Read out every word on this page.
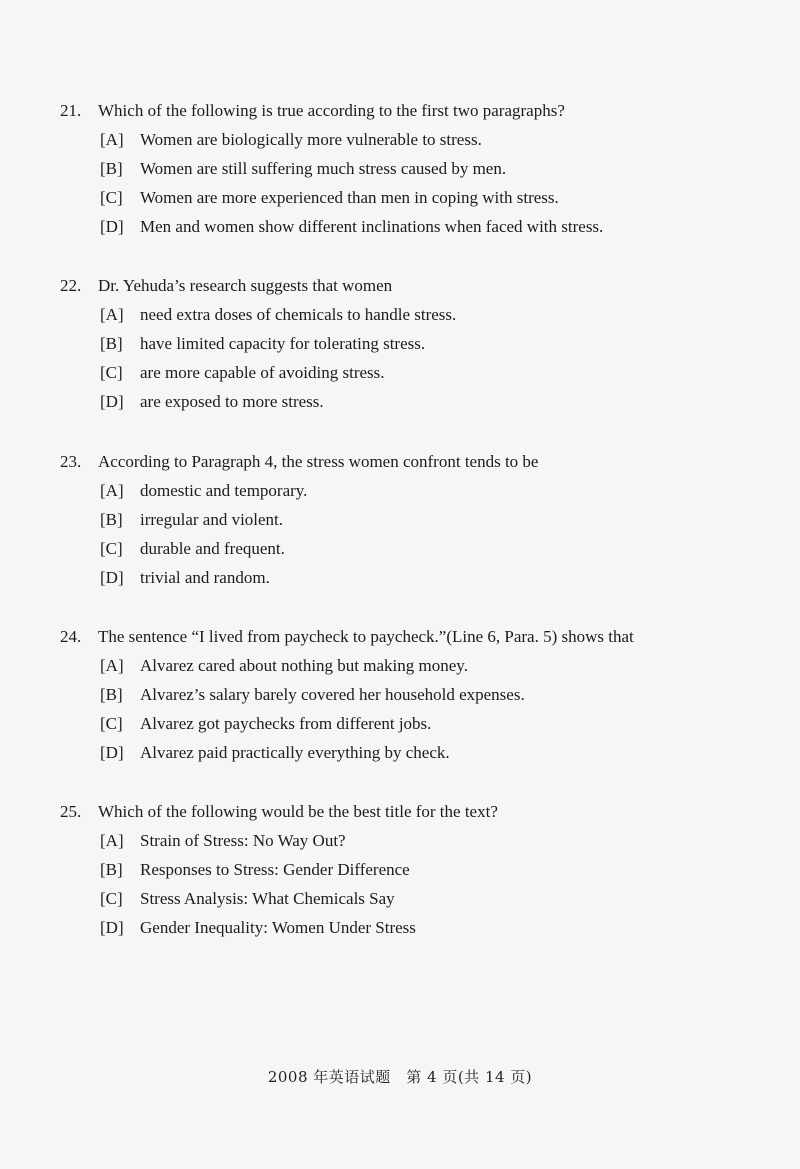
21. Which of the following is true according to the first two paragraphs?
[A] Women are biologically more vulnerable to stress.
[B] Women are still suffering much stress caused by men.
[C] Women are more experienced than men in coping with stress.
[D] Men and women show different inclinations when faced with stress.
22. Dr. Yehuda’s research suggests that women
[A] need extra doses of chemicals to handle stress.
[B] have limited capacity for tolerating stress.
[C] are more capable of avoiding stress.
[D] are exposed to more stress.
23. According to Paragraph 4, the stress women confront tends to be
[A] domestic and temporary.
[B] irregular and violent.
[C] durable and frequent.
[D] trivial and random.
24. The sentence “I lived from paycheck to paycheck.”(Line 6, Para. 5) shows that
[A] Alvarez cared about nothing but making money.
[B] Alvarez’s salary barely covered her household expenses.
[C] Alvarez got paychecks from different jobs.
[D] Alvarez paid practically everything by check.
25. Which of the following would be the best title for the text?
[A] Strain of Stress: No Way Out?
[B] Responses to Stress: Gender Difference
[C] Stress Analysis: What Chemicals Say
[D] Gender Inequality: Women Under Stress
2008 年英语试题　第 4 页(共 14 页)
